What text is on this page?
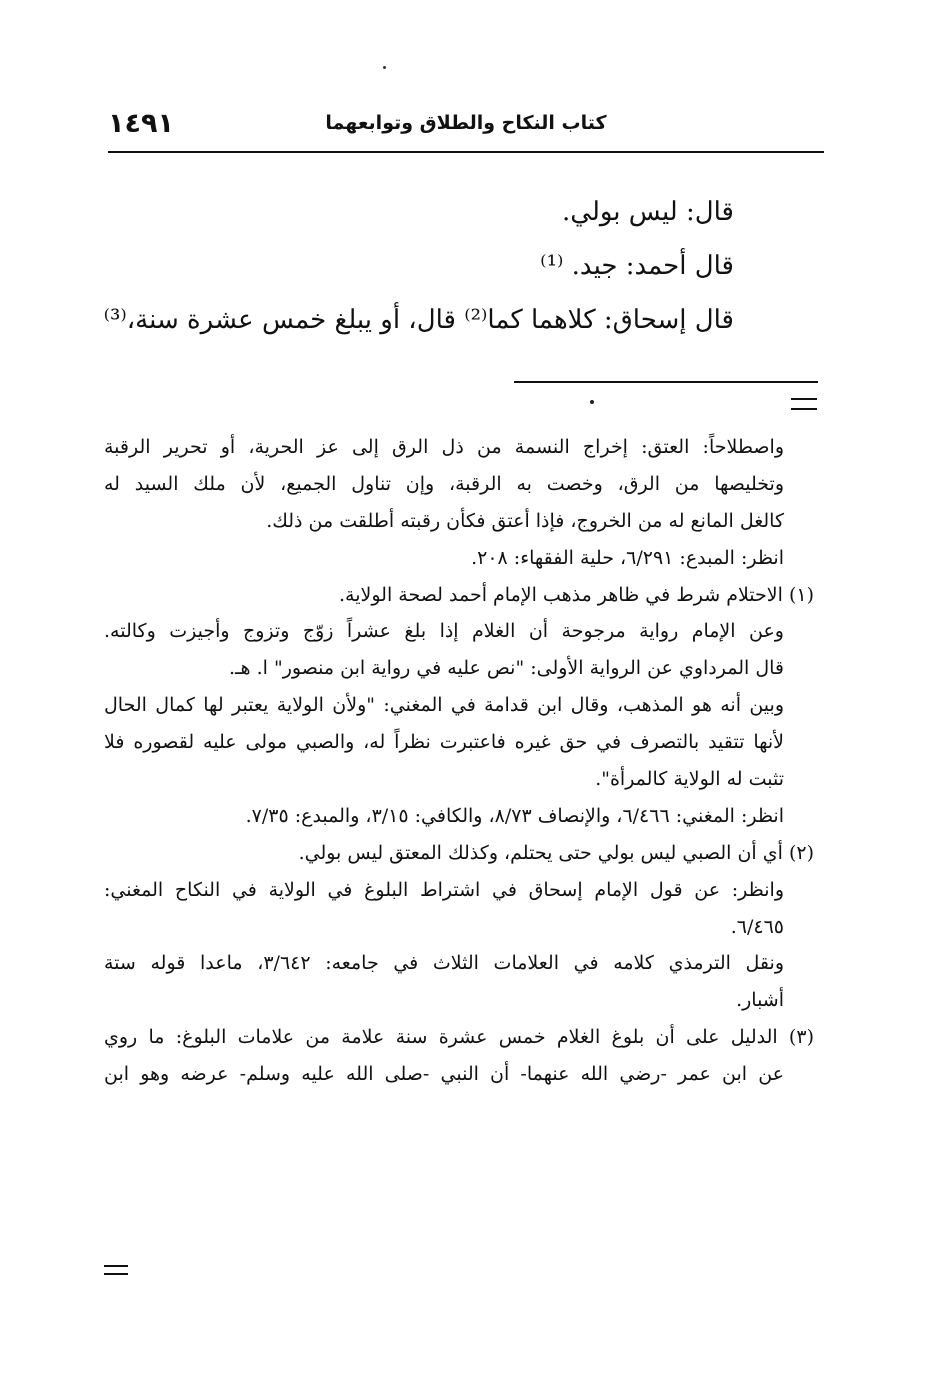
١٤٩١	كتاب النكاح والطلاق وتوابعهما
قال: ليس بولي.
قال أحمد: جيد. ⁽¹⁾
قال إسحاق: كلاهما كما⁽²⁾ قال، أو يبلغ خمس عشرة سنة،⁽³⁾
واصطلاحاً: العتق: إخراج النسمة من ذل الرق إلى عز الحرية، أو تحرير الرقبة
وتخليصها من الرق، وخصت به الرقبة، وإن تناول الجميع، لأن ملك السيد له
كالغل المانع له من الخروج، فإذا أعتق فكأن رقبته أطلقت من ذلك.
انظر: المبدع: ٦/٢٩١، حلية الفقهاء: ٢٠٨.
(١) الاحتلام شرط في ظاهر مذهب الإمام أحمد لصحة الولاية.
وعن الإمام رواية مرجوحة أن الغلام إذا بلغ عشراً زوّج وتزوج وأجيزت وكالته.
قال المرداوي عن الرواية الأولى: "نص عليه في رواية ابن منصور" ا. هـ.
وبين أنه هو المذهب، وقال ابن قدامة في المغني: "ولأن الولاية يعتبر لها كمال الحال
لأنها تتقيد بالتصرف في حق غيره فاعتبرت نظراً له، والصبي مولى عليه لقصوره فلا
تثبت له الولاية كالمرأة".
انظر: المغني: ٦/٤٦٦، والإنصاف ٨/٧٣، والكافي: ٣/١٥، والمبدع: ٧/٣٥.
(٢) أي أن الصبي ليس بولي حتى يحتلم، وكذلك المعتق ليس بولي.
وانظر: عن قول الإمام إسحاق في اشتراط البلوغ في الولاية في النكاح المغني:
٦/٤٦٥.
ونقل الترمذي كلامه في العلامات الثلاث في جامعه: ٣/٦٤٢، ماعدا قوله ستة
أشبار.
(٣) الدليل على أن بلوغ الغلام خمس عشرة سنة علامة من علامات البلوغ: ما روي
عن ابن عمر -رضي الله عنهما- أن النبي -صلى الله عليه وسلم- عرضه وهو ابن
